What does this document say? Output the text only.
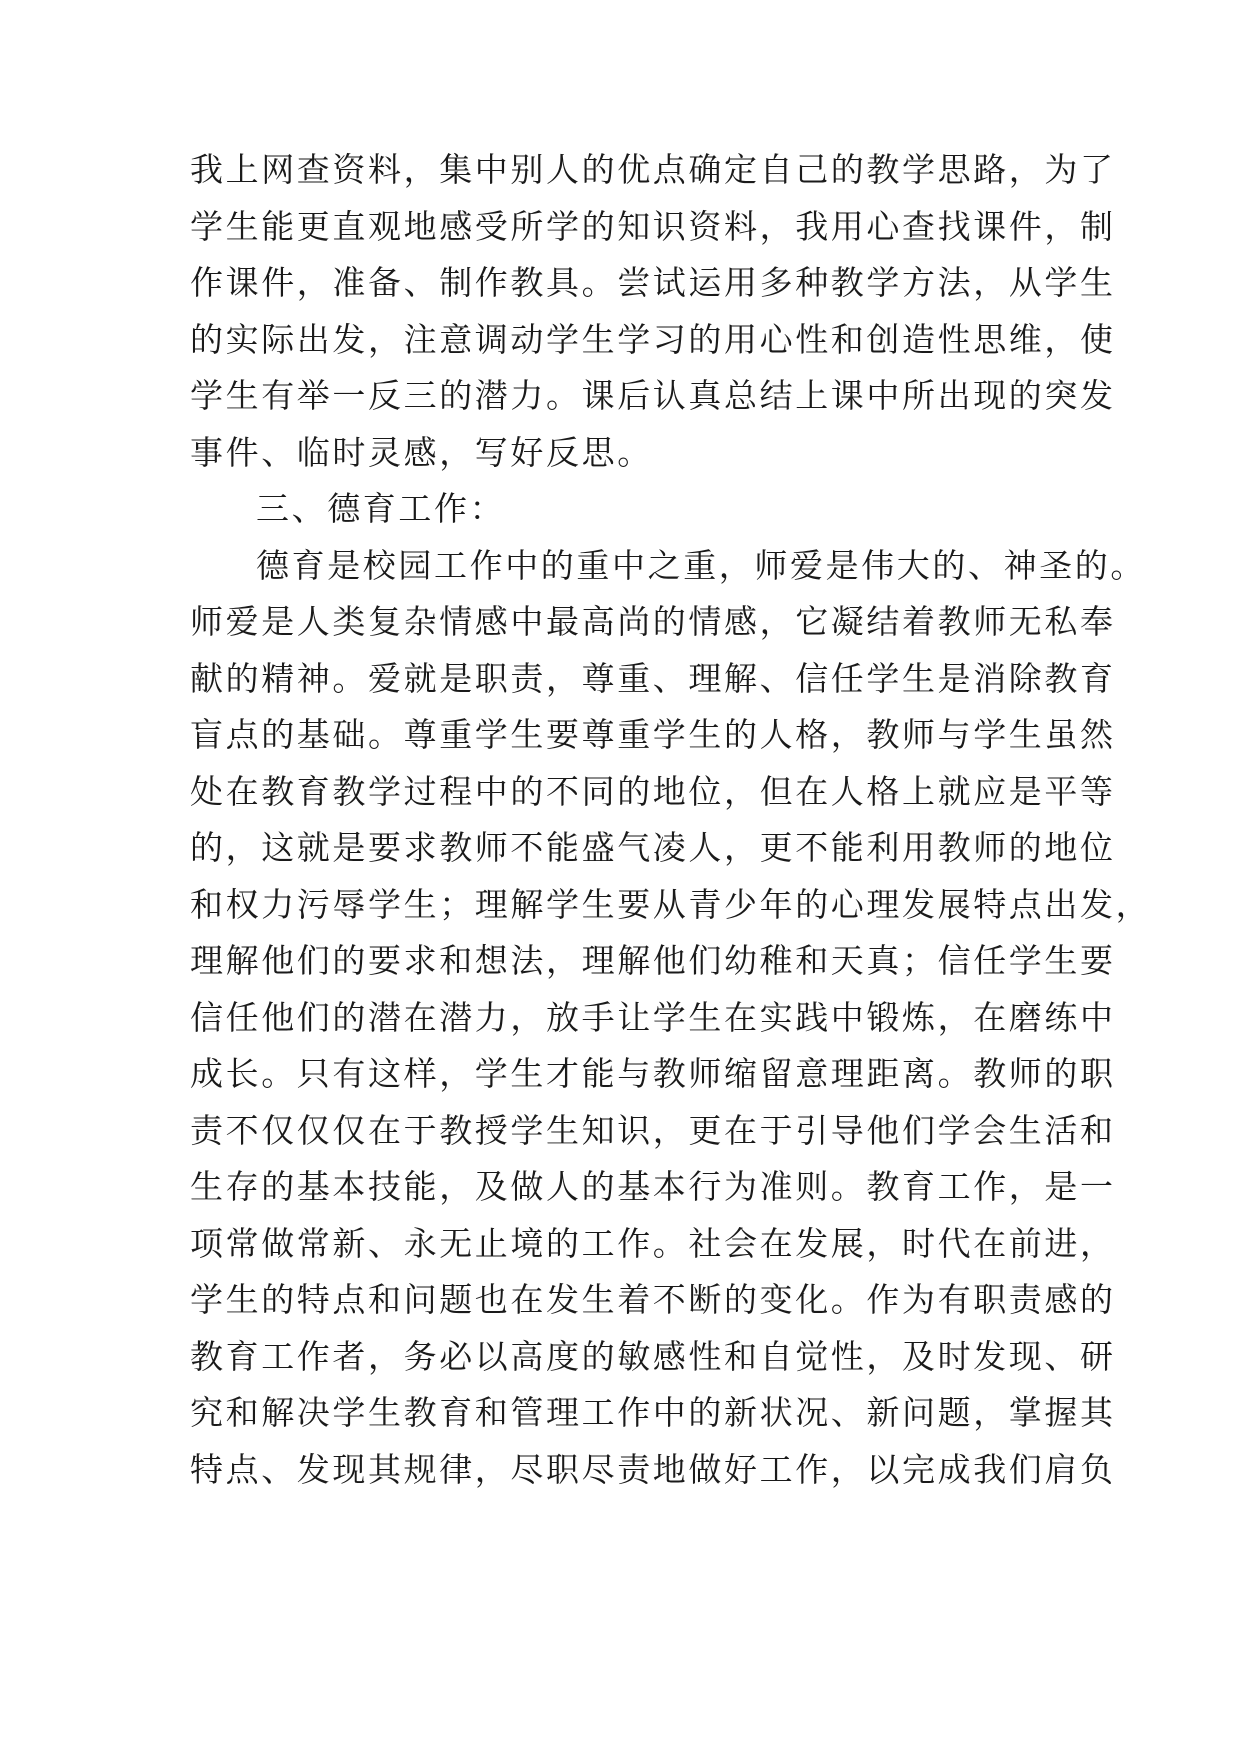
我上网查资料，集中别人的优点确定自己的教学思路，为了
学生能更直观地感受所学的知识资料，我用心查找课件，制
作课件，准备、制作教具。尝试运用多种教学方法，从学生
的实际出发，注意调动学生学习的用心性和创造性思维，使
学生有举一反三的潜力。课后认真总结上课中所出现的突发
事件、临时灵感，写好反思。
三、德育工作：
德育是校园工作中的重中之重，师爱是伟大的、神圣的。
师爱是人类复杂情感中最高尚的情感，它凝结着教师无私奉
献的精神。爱就是职责，尊重、理解、信任学生是消除教育
盲点的基础。尊重学生要尊重学生的人格，教师与学生虽然
处在教育教学过程中的不同的地位，但在人格上就应是平等
的，这就是要求教师不能盛气凌人，更不能利用教师的地位
和权力污辱学生；理解学生要从青少年的心理发展特点出发，
理解他们的要求和想法，理解他们幼稚和天真；信任学生要
信任他们的潜在潜力，放手让学生在实践中锻炼，在磨练中
成长。只有这样，学生才能与教师缩留意理距离。教师的职
责不仅仅仅在于教授学生知识，更在于引导他们学会生活和
生存的基本技能，及做人的基本行为准则。教育工作，是一
项常做常新、永无止境的工作。社会在发展，时代在前进，
学生的特点和问题也在发生着不断的变化。作为有职责感的
教育工作者，务必以高度的敏感性和自觉性，及时发现、研
究和解决学生教育和管理工作中的新状况、新问题，掌握其
特点、发现其规律，尽职尽责地做好工作，以完成我们肩负
